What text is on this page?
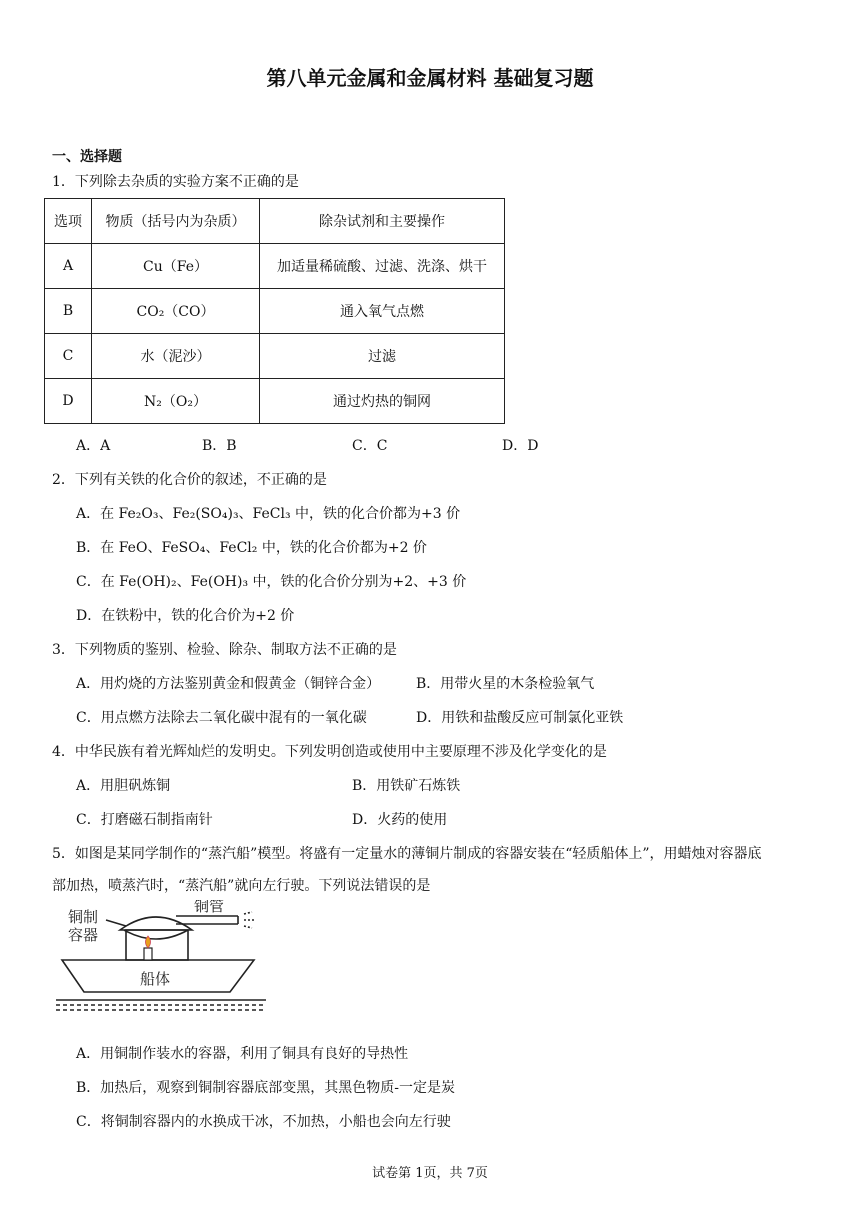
第八单元金属和金属材料 基础复习题
一、选择题
1．下列除去杂质的实验方案不正确的是
选项	物质（括号内为杂质）	除杂试剂和主要操作
A	Cu（Fe）	加适量稀硫酸、过滤、洗涤、烘干
B	CO₂（CO）	通入氧气点燃
C	水（泥沙）	过滤
D	N₂（O₂）	通过灼热的铜网
A．A	B．B	C．C	D．D
2．下列有关铁的化合价的叙述，不正确的是
A．在 Fe₂O₃、Fe₂(SO₄)₃、FeCl₃ 中，铁的化合价都为+3 价
B．在 FeO、FeSO₄、FeCl₂ 中，铁的化合价都为+2 价
C．在 Fe(OH)₂、Fe(OH)₃ 中，铁的化合价分别为+2、+3 价
D．在铁粉中，铁的化合价为+2 价
3．下列物质的鉴别、检验、除杂、制取方法不正确的是
A．用灼烧的方法鉴别黄金和假黄金（铜锌合金）	B．用带火星的木条检验氧气
C．用点燃方法除去二氧化碳中混有的一氧化碳	D．用铁和盐酸反应可制氯化亚铁
4．中华民族有着光辉灿烂的发明史。下列发明创造或使用中主要原理不涉及化学变化的是
A．用胆矾炼铜	B．用铁矿石炼铁
C．打磨磁石制指南针	D．火药的使用
5．如图是某同学制作的“蒸汽船”模型。将盛有一定量水的薄铜片制成的容器安装在“轻质船体上”，用蜡烛对容器底
部加热，喷蒸汽时，“蒸汽船”就向左行驶。下列说法错误的是
铜管
铜制
容器
船体
A．用铜制作装水的容器，利用了铜具有良好的导热性
B．加热后，观察到铜制容器底部变黑，其黑色物质-一定是炭
C．将铜制容器内的水换成干冰，不加热，小船也会向左行驶
试卷第 1页，共 7页
